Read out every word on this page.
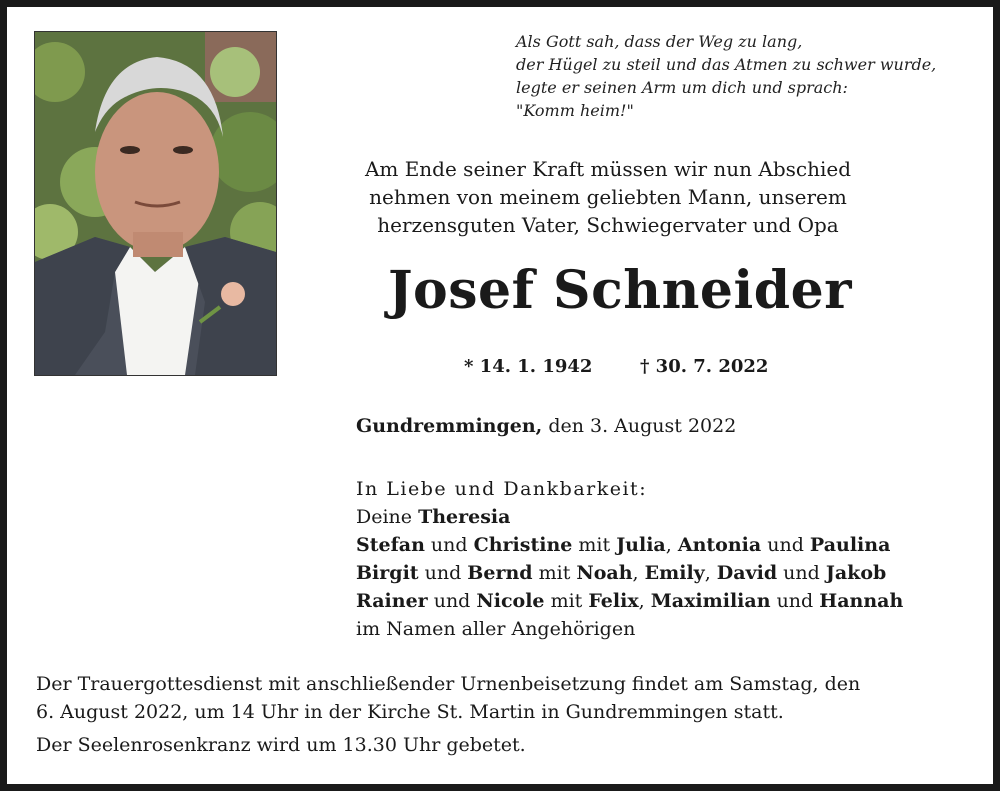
Als Gott sah, dass der Weg zu lang,
der Hügel zu steil und das Atmen zu schwer wurde,
legte er seinen Arm um dich und sprach:
"Komm heim!"
Am Ende seiner Kraft müssen wir nun Abschied
nehmen von meinem geliebten Mann, unserem
herzensguten Vater, Schwiegervater und Opa
Josef Schneider
* 14. 1. 1942	† 30. 7. 2022
Gundremmingen, den 3. August 2022
In Liebe und Dankbarkeit:
Deine Theresia
Stefan und Christine mit Julia, Antonia und Paulina
Birgit und Bernd mit Noah, Emily, David und Jakob
Rainer und Nicole mit Felix, Maximilian und Hannah
im Namen aller Angehörigen
Der Trauergottesdienst mit anschließender Urnenbeisetzung findet am Samstag, den
6. August 2022, um 14 Uhr in der Kirche St. Martin in Gundremmingen statt.
Der Seelenrosenkranz wird um 13.30 Uhr gebetet.
